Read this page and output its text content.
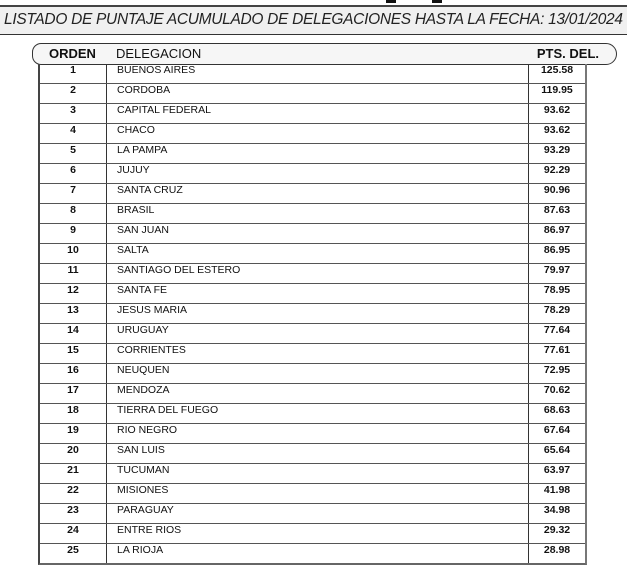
LISTADO DE PUNTAJE ACUMULADO DE DELEGACIONES HASTA LA FECHA: 13/01/2024
ORDEN DELEGACION	PTS. DEL.
1	BUENOS AIRES	125.58
2	CORDOBA	119.95
3	CAPITAL FEDERAL	93.62
4	CHACO	93.62
5	LA PAMPA	93.29
6	JUJUY	92.29
7	SANTA CRUZ	90.96
8	BRASIL	87.63
9	SAN JUAN	86.97
10	SALTA	86.95
11	SANTIAGO DEL ESTERO	79.97
12	SANTA FE	78.95
13	JESUS MARIA	78.29
14	URUGUAY	77.64
15	CORRIENTES	77.61
16	NEUQUEN	72.95
17	MENDOZA	70.62
18	TIERRA DEL FUEGO	68.63
19	RIO NEGRO	67.64
20	SAN LUIS	65.64
21	TUCUMAN	63.97
22	MISIONES	41.98
23	PARAGUAY	34.98
24	ENTRE RIOS	29.32
25	LA RIOJA	28.98
